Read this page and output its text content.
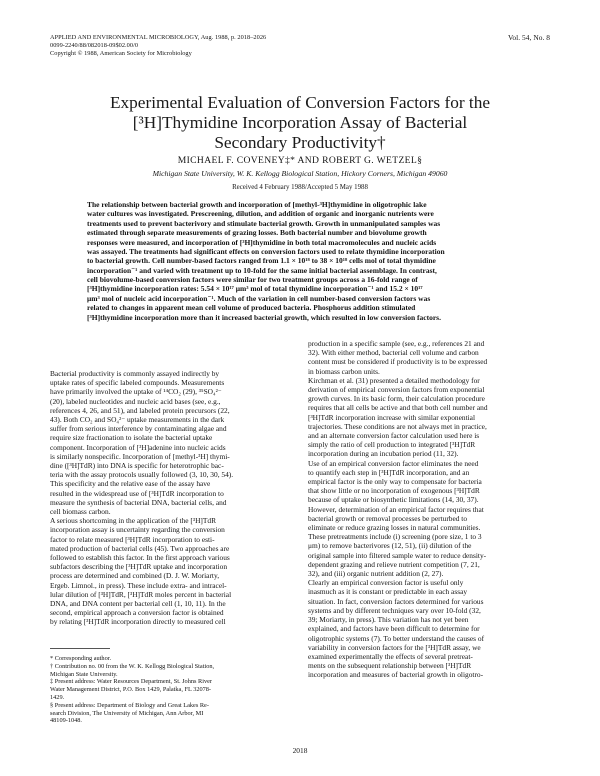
APPLIED AND ENVIRONMENTAL MICROBIOLOGY, Aug. 1988, p. 2018–2026
0099-2240/88/082018-09$02.00/0
Copyright © 1988, American Society for Microbiology
Vol. 54, No. 8
Experimental Evaluation of Conversion Factors for the
[³H]Thymidine Incorporation Assay of Bacterial
Secondary Productivity†
MICHAEL F. COVENEY‡* AND ROBERT G. WETZEL§
Michigan State University, W. K. Kellogg Biological Station, Hickory Corners, Michigan 49060
Received 4 February 1988/Accepted 5 May 1988
The relationship between bacterial growth and incorporation of [methyl-³H]thymidine in oligotrophic lake
water cultures was investigated. Prescreening, dilution, and addition of organic and inorganic nutrients were
treatments used to prevent bacterivory and stimulate bacterial growth. Growth in unmanipulated samples was
estimated through separate measurements of grazing losses. Both bacterial number and biovolume growth
responses were measured, and incorporation of [³H]thymidine in both total macromolecules and nucleic acids
was assayed. The treatments had significant effects on conversion factors used to relate thymidine incorporation
to bacterial growth. Cell number-based factors ranged from 1.1 × 10¹⁸ to 38 × 10¹⁸ cells mol of total thymidine
incorporation⁻¹ and varied with treatment up to 10-fold for the same initial bacterial assemblage. In contrast,
cell biovolume-based conversion factors were similar for two treatment groups across a 16-fold range of
[³H]thymidine incorporation rates: 5.54 × 10¹⁷ μm³ mol of total thymidine incorporation⁻¹ and 15.2 × 10¹⁷
μm³ mol of nucleic acid incorporation⁻¹. Much of the variation in cell number-based conversion factors was
related to changes in apparent mean cell volume of produced bacteria. Phosphorus addition stimulated
[³H]thymidine incorporation more than it increased bacterial growth, which resulted in low conversion factors.
Bacterial productivity is commonly assayed indirectly by
uptake rates of specific labeled compounds. Measurements
have primarily involved the uptake of ¹⁴CO₂ (29), ³⁵SO₄²⁻
(20), labeled nucleotides and nucleic acid bases (see, e.g.,
references 4, 26, and 51), and labeled protein precursors (22,
43). Both CO₂ and SO₄²⁻ uptake measurements in the dark
suffer from serious interference by contaminating algae and
require size fractionation to isolate the bacterial uptake
component. Incorporation of [³H]adenine into nucleic acids
is similarly nonspecific. Incorporation of [methyl-³H] thymi-
dine ([³H]TdR) into DNA is specific for heterotrophic bac-
teria with the assay protocols usually followed (3, 10, 30, 54).
This specificity and the relative ease of the assay have
resulted in the widespread use of [³H]TdR incorporation to
measure the synthesis of bacterial DNA, bacterial cells, and
cell biomass carbon.
A serious shortcoming in the application of the [³H]TdR
incorporation assay is uncertainty regarding the conversion
factor to relate measured [³H]TdR incorporation to esti-
mated production of bacterial cells (45). Two approaches are
followed to establish this factor. In the first approach various
subfactors describing the [³H]TdR uptake and incorporation
process are determined and combined (D. J. W. Moriarty,
Ergeb. Limnol., in press). These include extra- and intracel-
lular dilution of [³H]TdR, [³H]TdR moles percent in bacterial
DNA, and DNA content per bacterial cell (1, 10, 11). In the
second, empirical approach a conversion factor is obtained
by relating [³H]TdR incorporation directly to measured cell
* Corresponding author.
† Contribution no. 00 from the W. K. Kellogg Biological Station,
Michigan State University.
‡ Present address: Water Resources Department, St. Johns River
Water Management District, P.O. Box 1429, Palatka, FL 32078-
1429.
§ Present address: Department of Biology and Great Lakes Re-
search Division, The University of Michigan, Ann Arbor, MI
48109-1048.
production in a specific sample (see, e.g., references 21 and
32). With either method, bacterial cell volume and carbon
content must be considered if productivity is to be expressed
in biomass carbon units.
Kirchman et al. (31) presented a detailed methodology for
derivation of empirical conversion factors from exponential
growth curves. In its basic form, their calculation procedure
requires that all cells be active and that both cell number and
[³H]TdR incorporation increase with similar exponential
trajectories. These conditions are not always met in practice,
and an alternate conversion factor calculation used here is
simply the ratio of cell production to integrated [³H]TdR
incorporation during an incubation period (11, 32).
Use of an empirical conversion factor eliminates the need
to quantify each step in [³H]TdR incorporation, and an
empirical factor is the only way to compensate for bacteria
that show little or no incorporation of exogenous [³H]TdR
because of uptake or biosynthetic limitations (14, 30, 37).
However, determination of an empirical factor requires that
bacterial growth or removal processes be perturbed to
eliminate or reduce grazing losses in natural communities.
These pretreatments include (i) screening (pore size, 1 to 3
μm) to remove bacterivores (12, 51), (ii) dilution of the
original sample into filtered sample water to reduce density-
dependent grazing and relieve nutrient competition (7, 21,
32), and (iii) organic nutrient addition (2, 27).
Clearly an empirical conversion factor is useful only
inasmuch as it is constant or predictable in each assay
situation. In fact, conversion factors determined for various
systems and by different techniques vary over 10-fold (32,
39; Moriarty, in press). This variation has not yet been
explained, and factors have been difficult to determine for
oligotrophic systems (7). To better understand the causes of
variability in conversion factors for the [³H]TdR assay, we
examined experimentally the effects of several pretreat-
ments on the subsequent relationship between [³H]TdR
incorporation and measures of bacterial growth in oligotro-
2018
